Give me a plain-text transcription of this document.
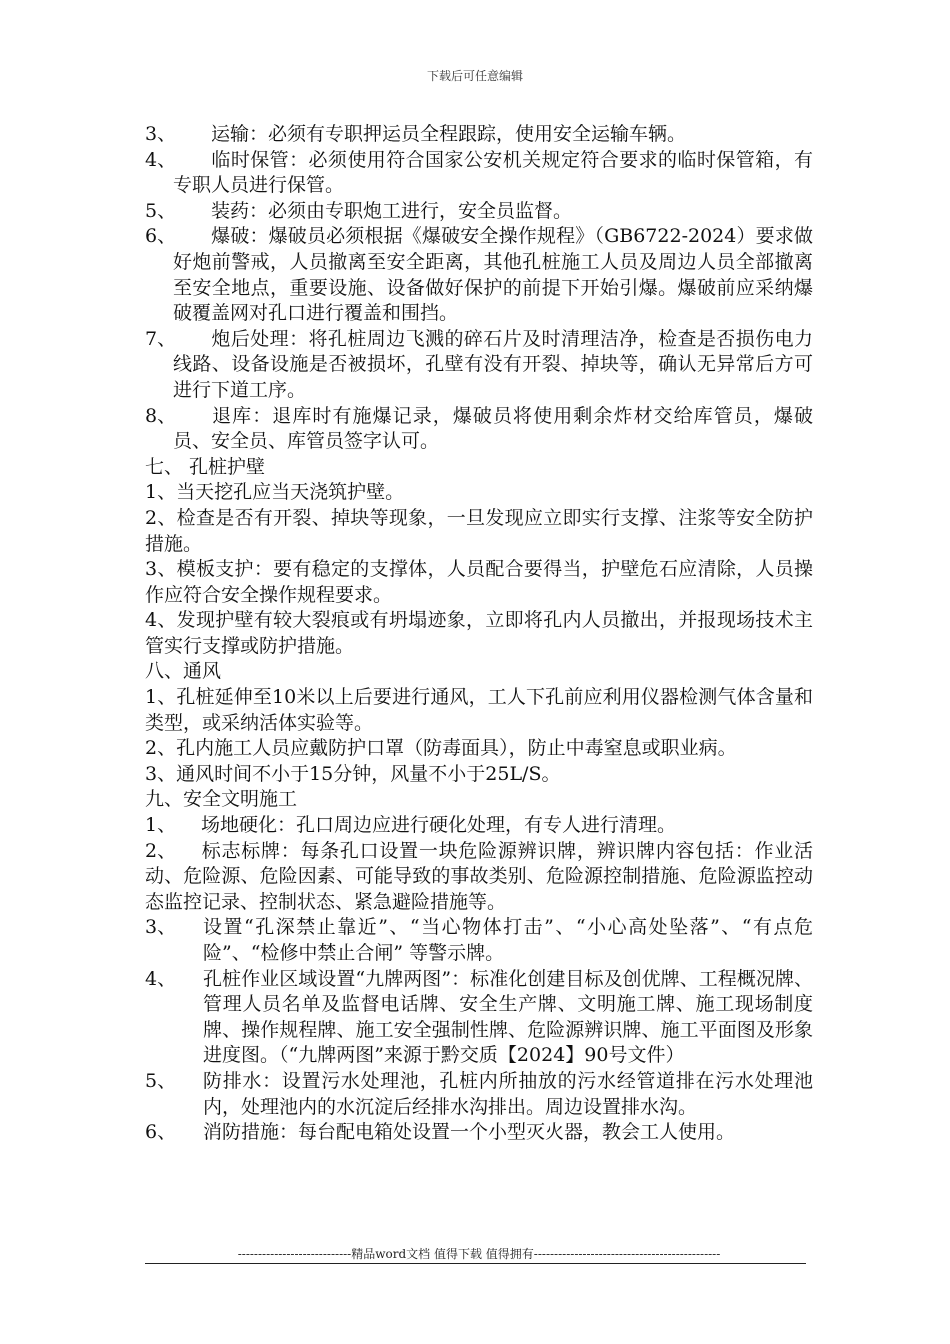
下载后可任意编辑

3、 运输：必须有专职押运员全程跟踪，使用安全运输车辆。

4、 临时保管：必须使用符合国家公安机关规定符合要求的临时保管箱，有专职人员进行保管。

5、 装药：必须由专职炮工进行，安全员监督。

6、 爆破：爆破员必须根据《爆破安全操作规程》（GB6722-2024）要求做好炮前警戒，人员撤离至安全距离，其他孔桩施工人员及周边人员全部撤离至安全地点，重要设施、设备做好保护的前提下开始引爆。爆破前应采纳爆破覆盖网对孔口进行覆盖和围挡。

7、 炮后处理：将孔桩周边飞溅的碎石片及时清理洁净，检查是否损伤电力线路、设备设施是否被损坏，孔壁有没有开裂、掉块等，确认无异常后方可进行下道工序。

8、 退库：退库时有施爆记录，爆破员将使用剩余炸材交给库管员，爆破员、安全员、库管员签字认可。

七、 孔桩护壁

1、当天挖孔应当天浇筑护壁。

2、检查是否有开裂、掉块等现象，一旦发现应立即实行支撑、注浆等安全防护措施。

3、模板支护：要有稳定的支撑体，人员配合要得当，护壁危石应清除，人员操作应符合安全操作规程要求。

4、发现护壁有较大裂痕或有坍塌迹象，立即将孔内人员撤出，并报现场技术主管实行支撑或防护措施。

八、通风

1、孔桩延伸至10米以上后要进行通风，工人下孔前应利用仪器检测气体含量和类型，或采纳活体实验等。

2、孔内施工人员应戴防护口罩（防毒面具），防止中毒窒息或职业病。

3、通风时间不小于15分钟，风量不小于25L/S。

九、安全文明施工

1、 场地硬化：孔口周边应进行硬化处理，有专人进行清理。

2、 标志标牌：每条孔口设置一块危险源辨识牌，辨识牌内容包括：作业活动、危险源、危险因素、可能导致的事故类别、危险源控制措施、危险源监控动态监控记录、控制状态、紧急避险措施等。

3、	设置“孔深禁止靠近”、“当心物体打击”、“小心高处坠落”、“有点危险”、“检修中禁止合闸” 等警示牌。

4、	孔桩作业区域设置“九牌两图”：标准化创建目标及创优牌、工程概况牌、管理人员名单及监督电话牌、安全生产牌、文明施工牌、施工现场制度牌、操作规程牌、施工安全强制性牌、危险源辨识牌、施工平面图及形象进度图。（“九牌两图”来源于黔交质【2024】90号文件）

5、	防排水：设置污水处理池，孔桩内所抽放的污水经管道排在污水处理池内，处理池内的水沉淀后经排水沟排出。周边设置排水沟。

6、	消防措施：每台配电箱处设置一个小型灭火器，教会工人使用。

----------------------------精品word文档 值得下载 值得拥有----------------------------------------------
